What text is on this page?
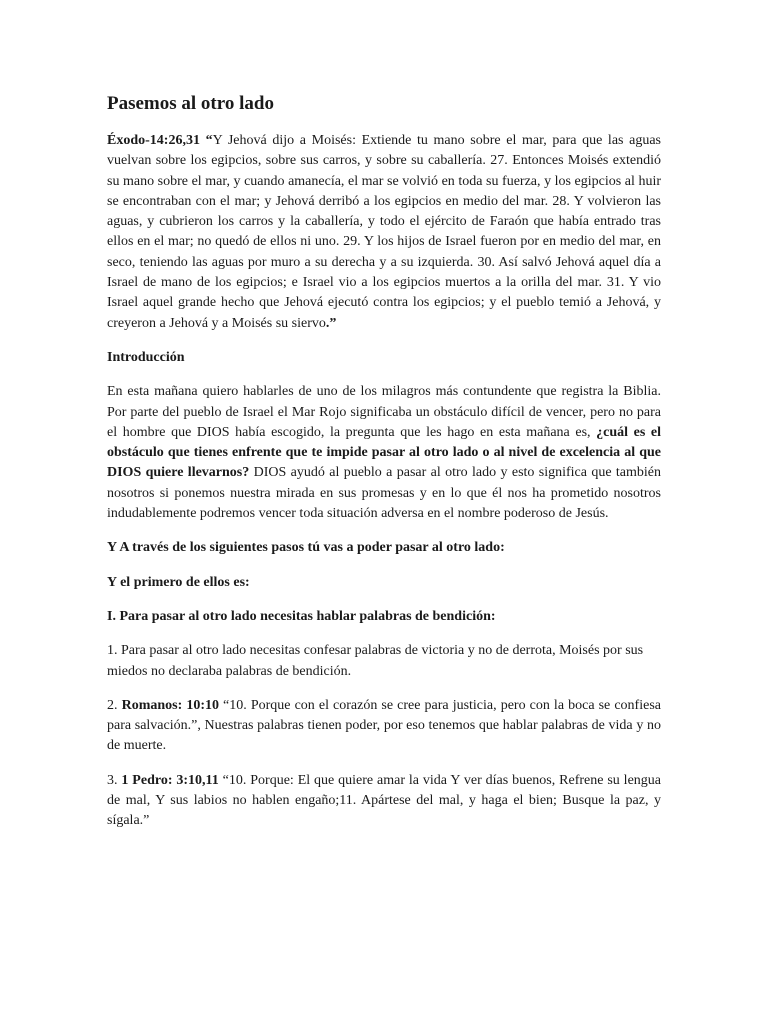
Pasemos al otro lado

Éxodo-14:26,31 “Y Jehová dijo a Moisés: Extiende tu mano sobre el mar, para que las aguas vuelvan sobre los egipcios, sobre sus carros, y sobre su caballería. 27. Entonces Moisés extendió su mano sobre el mar, y cuando amanecía, el mar se volvió en toda su fuerza, y los egipcios al huir se encontraban con el mar; y Jehová derribó a los egipcios en medio del mar. 28. Y volvieron las aguas, y cubrieron los carros y la caballería, y todo el ejército de Faraón que había entrado tras ellos en el mar; no quedó de ellos ni uno. 29. Y los hijos de Israel fueron por en medio del mar, en seco, teniendo las aguas por muro a su derecha y a su izquierda. 30. Así salvó Jehová aquel día a Israel de mano de los egipcios; e Israel vio a los egipcios muertos a la orilla del mar. 31. Y vio Israel aquel grande hecho que Jehová ejecutó contra los egipcios; y el pueblo temió a Jehová, y creyeron a Jehová y a Moisés su siervo.”

Introducción

En esta mañana quiero hablarles de uno de los milagros más contundente que registra la Biblia. Por parte del pueblo de Israel el Mar Rojo significaba un obstáculo difícil de vencer, pero no para el hombre que DIOS había escogido, la pregunta que les hago en esta mañana es, ¿cuál es el obstáculo que tienes enfrente que te impide pasar al otro lado o al nivel de excelencia al que DIOS quiere llevarnos? DIOS ayudó al pueblo a pasar al otro lado y esto significa que también nosotros si ponemos nuestra mirada en sus promesas y en lo que él nos ha prometido nosotros indudablemente podremos vencer toda situación adversa en el nombre poderoso de Jesús.

Y A través de los siguientes pasos tú vas a poder pasar al otro lado:

Y el primero de ellos es:

I. Para pasar al otro lado necesitas hablar palabras de bendición:

1. Para pasar al otro lado necesitas confesar palabras de victoria y no de derrota, Moisés por sus miedos no declaraba palabras de bendición.

2. Romanos: 10:10 “10. Porque con el corazón se cree para justicia, pero con la boca se confiesa para salvación.”, Nuestras palabras tienen poder, por eso tenemos que hablar palabras de vida y no de muerte.

3. 1 Pedro: 3:10,11 “10. Porque: El que quiere amar la vida Y ver días buenos, Refrene su lengua de mal, Y sus labios no hablen engaño;11. Apártese del mal, y haga el bien; Busque la paz, y sígala.”
